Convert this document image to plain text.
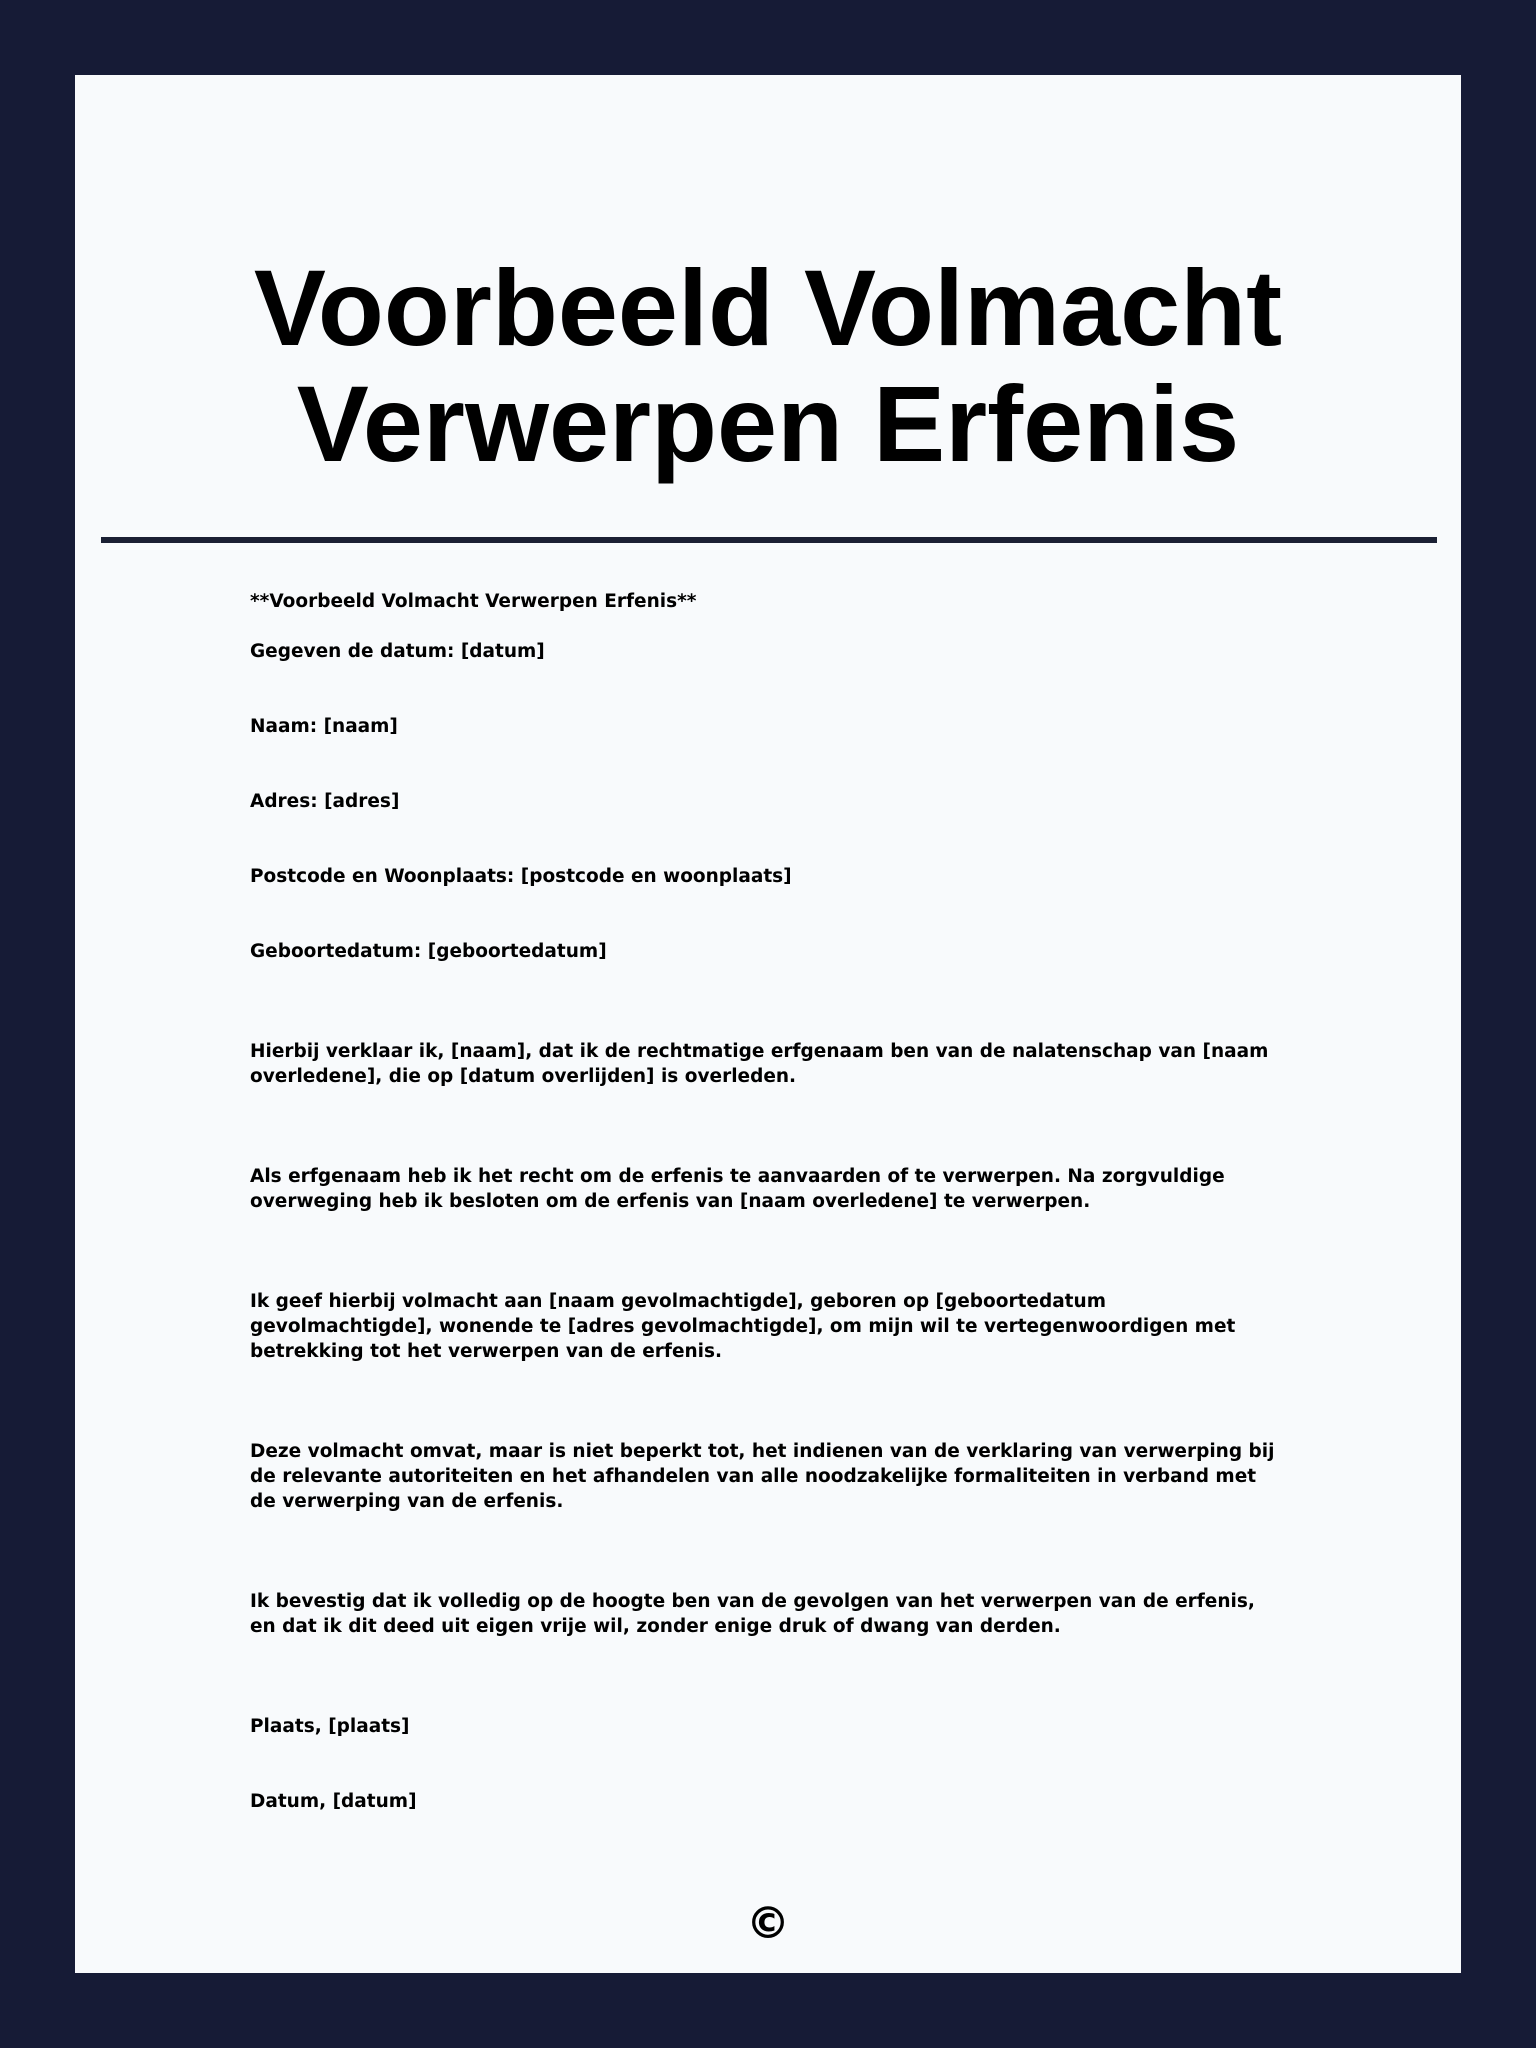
Voorbeeld Volmacht
Verwerpen Erfenis

**Voorbeeld Volmacht Verwerpen Erfenis**

Gegeven de datum: [datum]

Naam: [naam]

Adres: [adres]

Postcode en Woonplaats: [postcode en woonplaats]

Geboortedatum: [geboortedatum]

Hierbij verklaar ik, [naam], dat ik de rechtmatige erfgenaam ben van de nalatenschap van [naam overledene], die op [datum overlijden] is overleden.

Als erfgenaam heb ik het recht om de erfenis te aanvaarden of te verwerpen. Na zorgvuldige overweging heb ik besloten om de erfenis van [naam overledene] te verwerpen.

Ik geef hierbij volmacht aan [naam gevolmachtigde], geboren op [geboortedatum gevolmachtigde], wonende te [adres gevolmachtigde], om mijn wil te vertegenwoordigen met betrekking tot het verwerpen van de erfenis.

Deze volmacht omvat, maar is niet beperkt tot, het indienen van de verklaring van verwerping bij de relevante autoriteiten en het afhandelen van alle noodzakelijke formaliteiten in verband met de verwerping van de erfenis.

Ik bevestig dat ik volledig op de hoogte ben van de gevolgen van het verwerpen van de erfenis, en dat ik dit deed uit eigen vrije wil, zonder enige druk of dwang van derden.

Plaats, [plaats]

Datum, [datum]

©
